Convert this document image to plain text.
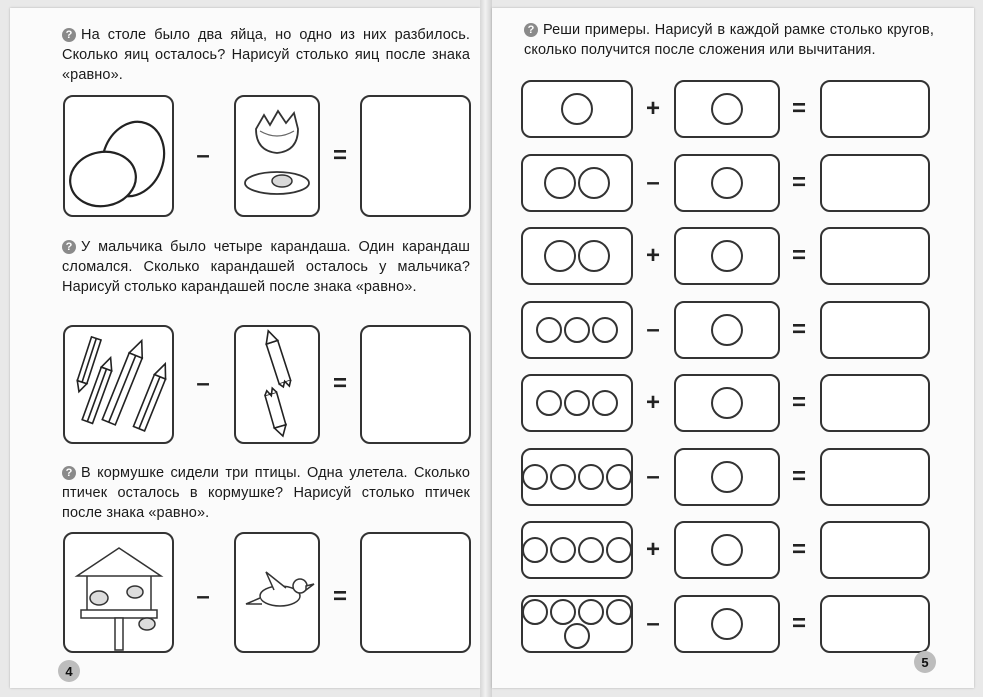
? На столе было два яйца, но одно из них разбилось. Сколько яиц осталось? Нарисуй столько яиц после знака «равно».
–	=
? У мальчика было четыре карандаша. Один карандаш сломался. Сколько карандашей осталось у мальчика? Нарисуй столько карандашей после знака «равно».
–	=
? В кормушке сидели три птицы. Одна улетела. Сколько птичек осталось в кормушке? Нарисуй столько птичек после знака «равно».
–	=
4
? Реши примеры. Нарисуй в каждой рамке столько кругов, сколько получится после сложения или вычитания.
+	=
–	=
+	=
–	=
+	=
–	=
+	=
–	=
5
